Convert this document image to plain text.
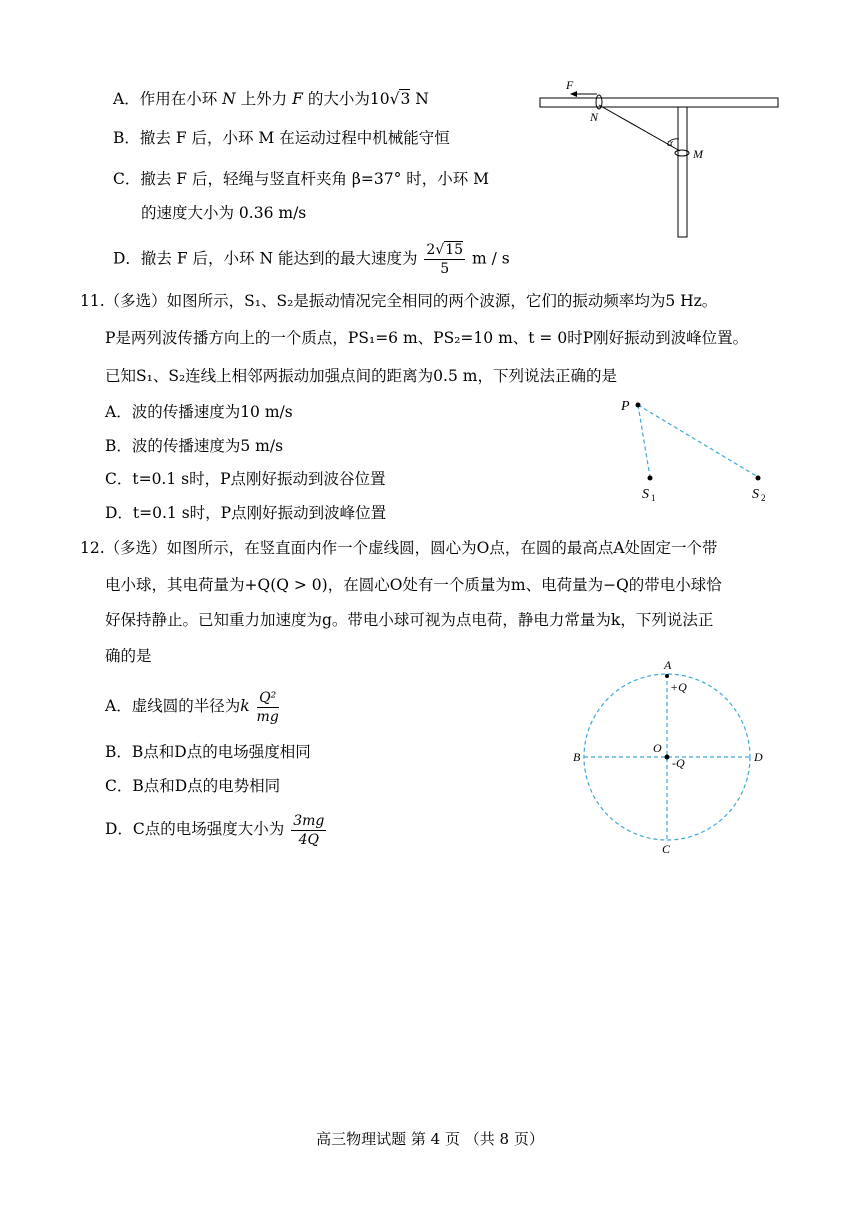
A．作用在小环 N 上外力 F 的大小为10√3 N
B．撤去 F 后，小环 M 在运动过程中机械能守恒
C．撤去 F 后，轻绳与竖直杆夹角 β=37° 时，小环 M
的速度大小为 0.36 m/s
D．撤去 F 后，小环 N 能达到的最大速度为 $\frac{2√15}{5}$ m / s
F
N
α
M
11.（多选）如图所示，S₁、S₂是振动情况完全相同的两个波源，它们的振动频率均为5 Hz。
P是两列波传播方向上的一个质点，PS₁=6 m、PS₂=10 m、t = 0时P刚好振动到波峰位置。
已知S₁、S₂连线上相邻两振动加强点间的距离为0.5 m，下列说法正确的是
A．波的传播速度为10 m/s
B．波的传播速度为5 m/s
C．t=0.1 s时，P点刚好振动到波谷位置
D．t=0.1 s时，P点刚好振动到波峰位置
P
S 1	S 2
12.（多选）如图所示，在竖直面内作一个虚线圆，圆心为O点，在圆的最高点A处固定一个带
电小球，其电荷量为+Q(Q > 0)，在圆心O处有一个质量为m、电荷量为−Q的带电小球恰
好保持静止。已知重力加速度为g。带电小球可视为点电荷，静电力常量为k，下列说法正
确的是
A．虚线圆的半径为k $\frac{\text{Q²}}{mg}$
B．B点和D点的电场强度相同
C．B点和D点的电势相同
D．C点的电场强度大小为 $\frac{3mg}{4Q}$
A
+Q
B	D
O
-Q
C
高三物理试题 第 4 页 （共 8 页）
